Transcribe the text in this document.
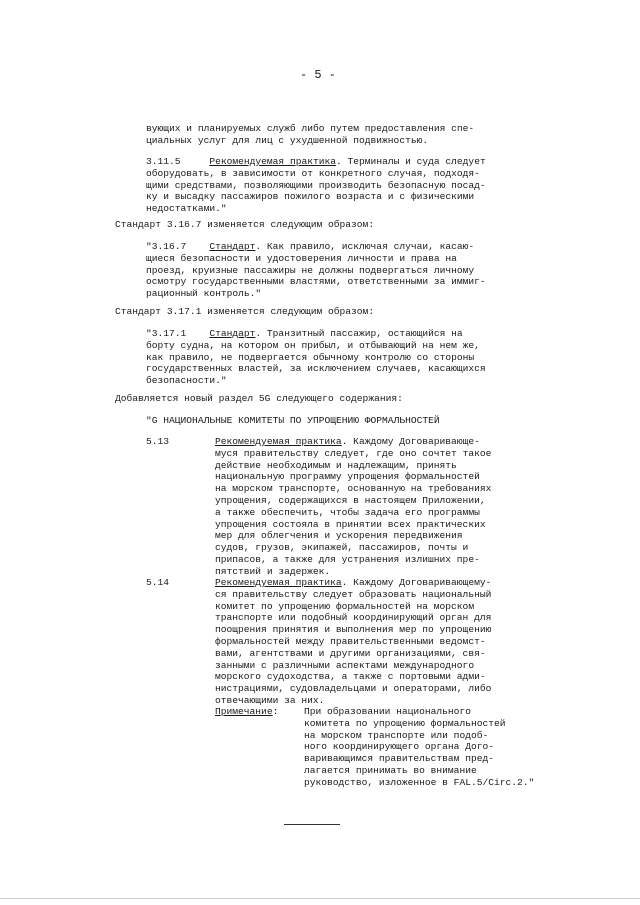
- 5 -
вующих и планируемых служб либо путем предоставления спе-
циальных услуг для лиц с ухудшенной подвижностью.
3.11.5	Рекомендуемая практика. Терминалы и суда следует
оборудовать, в зависимости от конкретного случая, подходя-
щими средствами, позволяющими производить безопасную посад-
ку и высадку пассажиров пожилого возраста и с физическими
недостатками."
Стандарт 3.16.7 изменяется следующим образом:
"3.16.7 Стандарт. Как правило, исключая случаи, касаю-
щиеся безопасности и удостоверения личности и права на
проезд, круизные пассажиры не должны подвергаться личному
осмотру государственными властями, ответственными за иммиг-
рационный контроль."
Стандарт 3.17.1 изменяется следующим образом:
"3.17.1 Стандарт. Транзитный пассажир, остающийся на
борту судна, на котором он прибыл, и отбывающий на нем же,
как правило, не подвергается обычному контролю со стороны
государственных властей, за исключением случаев, касающихся
безопасности."
Добавляется новый раздел 5G следующего содержания:
"G НАЦИОНАЛЬНЫЕ КОМИТЕТЫ ПО УПРОЩЕНИЮ ФОРМАЛЬНОСТЕЙ
5.13	Рекомендуемая практика. Каждому Договаривающе-
муся правительству следует, где оно сочтет такое
действие необходимым и надлежащим, принять
национальную программу упрощения формальностей
на морском транспорте, основанную на требованиях
упрощения, содержащихся в настоящем Приложении,
а также обеспечить, чтобы задача его программы
упрощения состояла в принятии всех практических
мер для облегчения и ускорения передвижения
судов, грузов, экипажей, пассажиров, почты и
припасов, а также для устранения излишних пре-
пятствий и задержек.
5.14	Рекомендуемая практика. Каждому Договаривающему-
ся правительству следует образовать национальный
комитет по упрощению формальностей на морском
транспорте или подобный координирующий орган для
поощрения принятия и выполнения мер по упрощению
формальностей между правительственными ведомст-
вами, агентствами и другими организациями, свя-
занными с различными аспектами международного
морского судоходства, а также с портовыми адми-
нистрациями, судовладельцами и операторами, либо
отвечающими за них.
Примечание:	При образовании национального
комитета по упрощению формальностей
на морском транспорте или подоб-
ного координирующего органа Дого-
варивающимся правительствам пред-
лагается принимать во внимание
руководство, изложенное в FAL.5/Circ.2."
